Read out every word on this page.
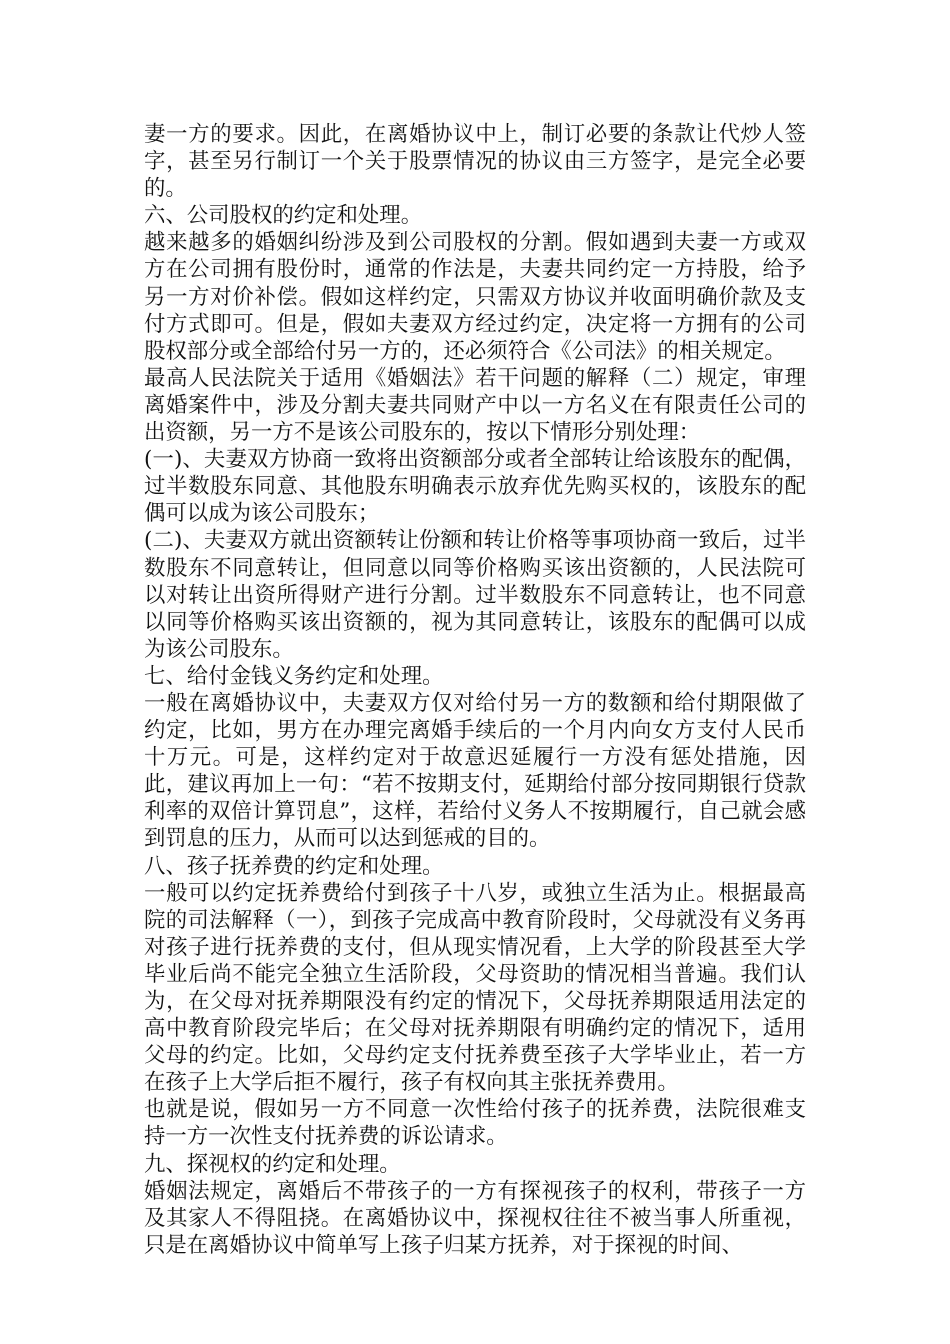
妻一方的要求。因此，在离婚协议中上，制订必要的条款让代炒人签字，甚至另行制订一个关于股票情况的协议由三方签字，是完全必要的。

六、公司股权的约定和处理。

越来越多的婚姻纠纷涉及到公司股权的分割。假如遇到夫妻一方或双方在公司拥有股份时，通常的作法是，夫妻共同约定一方持股，给予另一方对价补偿。假如这样约定，只需双方协议并收面明确价款及支付方式即可。但是，假如夫妻双方经过约定，决定将一方拥有的公司股权部分或全部给付另一方的，还必须符合《公司法》的相关规定。

最高人民法院关于适用《婚姻法》若干问题的解释（二）规定，审理离婚案件中，涉及分割夫妻共同财产中以一方名义在有限责任公司的出资额，另一方不是该公司股东的，按以下情形分别处理：

(一)、夫妻双方协商一致将出资额部分或者全部转让给该股东的配偶，过半数股东同意、其他股东明确表示放弃优先购买权的，该股东的配偶可以成为该公司股东；

(二)、夫妻双方就出资额转让份额和转让价格等事项协商一致后，过半数股东不同意转让，但同意以同等价格购买该出资额的，人民法院可以对转让出资所得财产进行分割。过半数股东不同意转让，也不同意以同等价格购买该出资额的，视为其同意转让，该股东的配偶可以成为该公司股东。

七、给付金钱义务约定和处理。

一般在离婚协议中，夫妻双方仅对给付另一方的数额和给付期限做了约定，比如，男方在办理完离婚手续后的一个月内向女方支付人民币十万元。可是，这样约定对于故意迟延履行一方没有惩处措施，因此，建议再加上一句：“若不按期支付，延期给付部分按同期银行贷款利率的双倍计算罚息”，这样，若给付义务人不按期履行，自己就会感到罚息的压力，从而可以达到惩戒的目的。

八、孩子抚养费的约定和处理。

一般可以约定抚养费给付到孩子十八岁，或独立生活为止。根据最高院的司法解释（一），到孩子完成高中教育阶段时，父母就没有义务再对孩子进行抚养费的支付，但从现实情况看，上大学的阶段甚至大学毕业后尚不能完全独立生活阶段，父母资助的情况相当普遍。我们认为，在父母对抚养期限没有约定的情况下，父母抚养期限适用法定的高中教育阶段完毕后；在父母对抚养期限有明确约定的情况下，适用父母的约定。比如，父母约定支付抚养费至孩子大学毕业止，若一方在孩子上大学后拒不履行，孩子有权向其主张抚养费用。

也就是说，假如另一方不同意一次性给付孩子的抚养费，法院很难支持一方一次性支付抚养费的诉讼请求。

九、探视权的约定和处理。

婚姻法规定，离婚后不带孩子的一方有探视孩子的权利，带孩子一方及其家人不得阻挠。在离婚协议中，探视权往往不被当事人所重视，只是在离婚协议中简单写上孩子归某方抚养，对于探视的时间、
